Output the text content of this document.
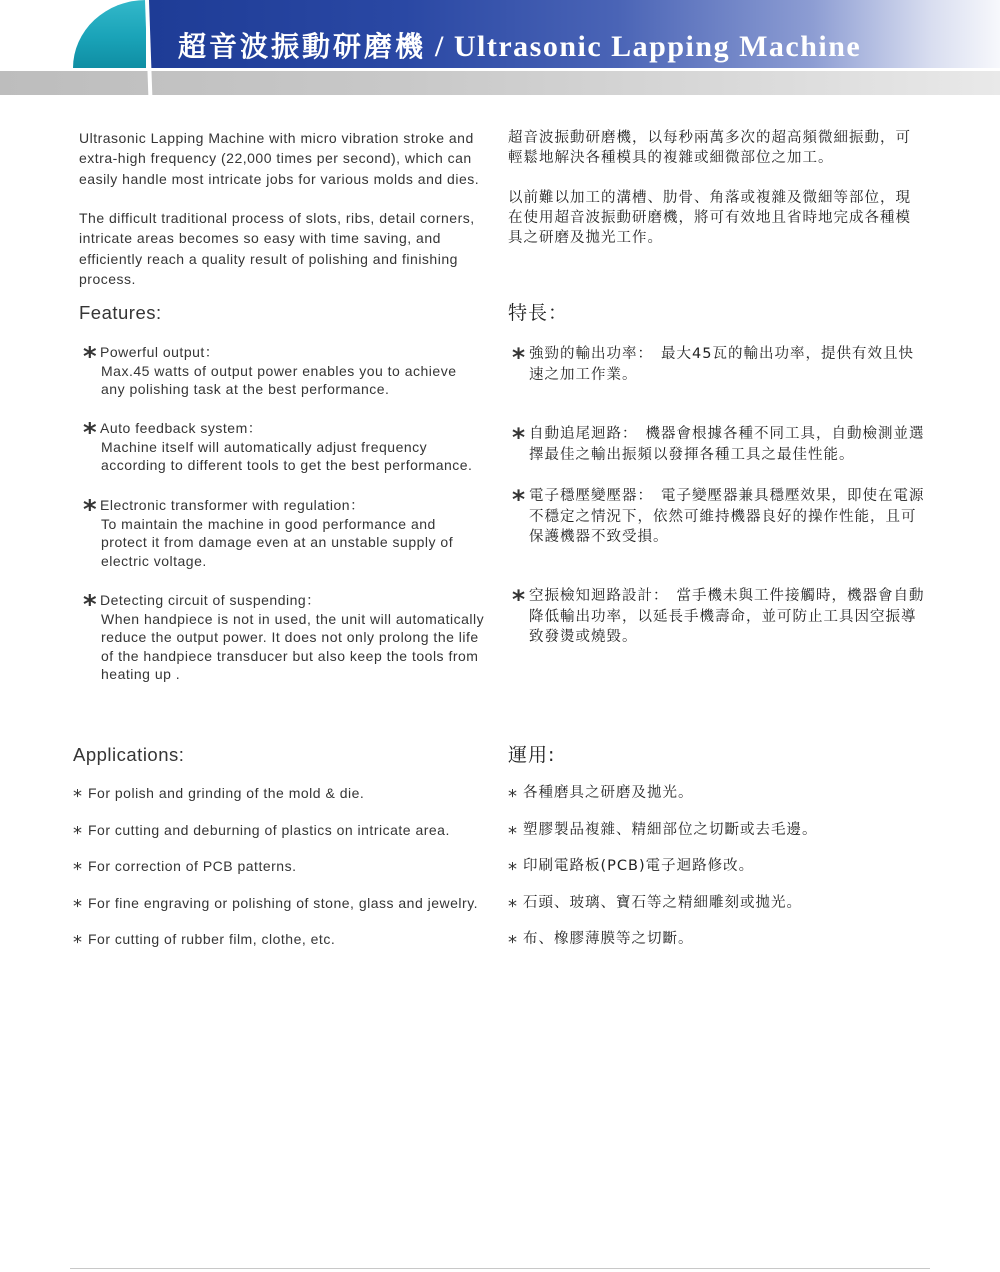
超音波振動研磨機 / Ultrasonic Lapping Machine
Ultrasonic Lapping Machine with micro vibration stroke and
extra-high frequency (22,000 times per second), which can
easily handle most intricate jobs for various molds and dies.
The difficult traditional process of slots, ribs, detail corners,
intricate areas becomes so easy with time saving, and
efficiently reach a quality result of polishing and finishing
process.
超音波振動研磨機，以每秒兩萬多次的超高頻微細振動，可
輕鬆地解決各種模具的複雜或細微部位之加工。
以前難以加工的溝槽、肋骨、角落或複雜及微細等部位，現
在使用超音波振動研磨機，將可有效地且省時地完成各種模
具之研磨及拋光工作。
Features:	特長：
* Powerful output：
Max.45 watts of output power enables you to achieve
any polishing task at the best performance.
* Auto feedback system：
Machine itself will automatically adjust frequency
according to different tools to get the best performance.
* Electronic transformer with regulation：
To maintain the machine in good performance and
protect it from damage even at an unstable supply of
electric voltage.
* Detecting circuit of suspending：
When handpiece is not in used, the unit will automatically
reduce the output power. It does not only prolong the life
of the handpiece transducer but also keep the tools from
heating up .
* 強勁的輸出功率： 最大45瓦的輸出功率，提供有效且快
速之加工作業。
* 自動追尾迴路： 機器會根據各種不同工具，自動檢測並選
擇最佳之輸出振頻以發揮各種工具之最佳性能。
* 電子穩壓變壓器： 電子變壓器兼具穩壓效果，即使在電源
不穩定之情況下，依然可維持機器良好的操作性能，且可
保護機器不致受損。
* 空振檢知迴路設計： 當手機未與工件接觸時，機器會自動
降低輸出功率，以延長手機壽命，並可防止工具因空振導
致發燙或燒毀。
Applications:	運用:
* For polish and grinding of the mold & die.
* For cutting and deburning of plastics on intricate area.
* For correction of PCB patterns.
* For fine engraving or polishing of stone, glass and jewelry.
* For cutting of rubber film, clothe, etc.
* 各種磨具之研磨及拋光。
* 塑膠製品複雜、精細部位之切斷或去毛邊。
* 印刷電路板(PCB)電子迴路修改。
* 石頭、玻璃、寶石等之精細雕刻或拋光。
* 布、橡膠薄膜等之切斷。
